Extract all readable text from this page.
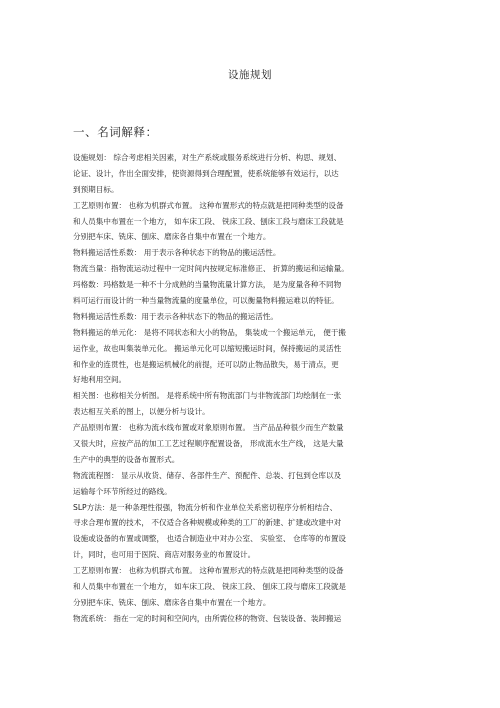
设施规划
一、名词解释：
设施规划： 综合考虑相关因素，对生产系统或服务系统进行分析、构思、规划、
论证、设计，作出全面安排，使资源得到合理配置，使系统能够有效运行，以达
到预期目标。
工艺原则布置： 也称为机群式布置。 这种布置形式的特点就是把同种类型的设备
和人员集中布置在一个地方， 如车床工段、 铣床工段、刨床工段与磨床工段就是
分别把车床、铣床、刨床、磨床各自集中布置在一个地方。
物料搬运活性系数： 用于表示各种状态下的物品的搬运活性。
物流当量：指物流运动过程中一定时间内按规定标准修正、 折算的搬运和运输量。
玛格数：玛格数是一种不十分成熟的当量物流量计算方法， 是为度量各种不同物
料可运行而设计的一种当量物流量的度量单位，可以衡量物料搬运难以的特征。
物料搬运活性系数：用于表示各种状态下的物品的搬运活性。
物料搬运的单元化： 是将不同状态和大小的物品， 集装成一个搬运单元， 便于搬
运作业，故也叫集装单元化。 搬运单元化可以缩短搬运时间，保持搬运的灵活性
和作业的连贯性，也是搬运机械化的前提，还可以防止物品散失，易于清点，更
好地利用空间。
相关图：也称相关分析图。 是将系统中所有物流部门与非物流部门均绘制在一张
表达相互关系的图上，以便分析与设计。
产品原则布置： 也称为流水线布置或对象原则布置。 当产品品种很少而生产数量
又很大时，应按产品的加工工艺过程顺序配置设备， 形成流水生产线， 这是大量
生产中的典型的设备布置形式。
物流流程图： 显示从收货、储存、各部件生产、预配件、总装、打包到仓库以及
运输每个环节所经过的路线。
SLP方法：是一种条理性很强，物流分析和作业单位关系密切程序分析相结合、
寻求合理布置的技术， 不仅适合各种规模或种类的工厂的新建、扩建或改建中对
设施或设备的布置或调整， 也适合制造业中对办公室、 实验室、 仓库等的布置设
计，同时，也可用于医院、商店对服务业的布置设计。
工艺原则布置： 也称为机群式布置。 这种布置形式的特点就是把同种类型的设备
和人员集中布置在一个地方， 如车床工段、 铣床工段、 刨床工段与磨床工段就是
分别把车床、铣床、刨床、磨床各自集中布置在一个地方。
物流系统： 指在一定的时间和空间内，由所需位移的物资、包装设备、装卸搬运
